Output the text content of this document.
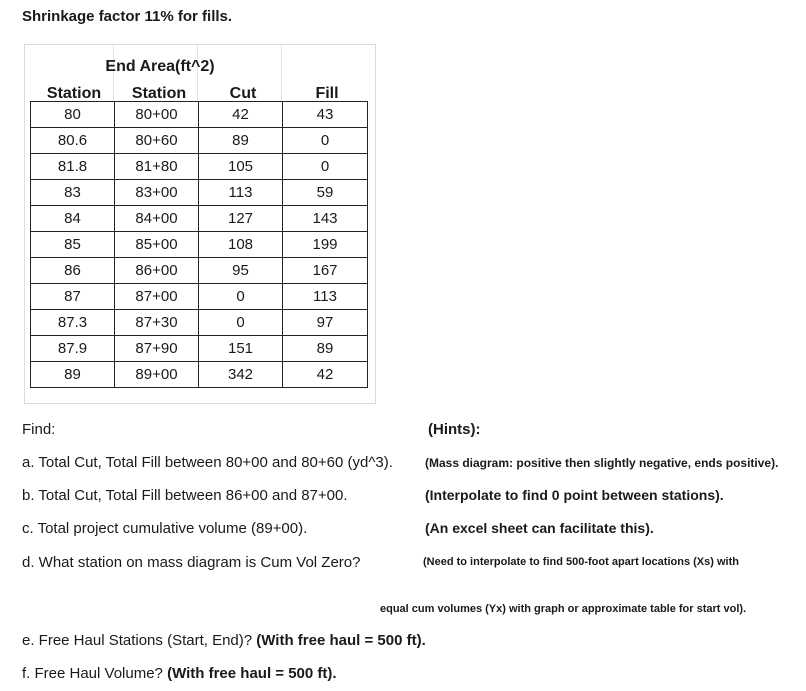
Shrinkage factor 11% for fills.
End Area(ft^2)
Station	Station	Cut	Fill
80	80+00	42	43
80.6	80+60	89	0
81.8	81+80	105	0
83	83+00	113	59
84	84+00	127	143
85	85+00	108	199
86	86+00	95	167
87	87+00	0	113
87.3	87+30	0	97
87.9	87+90	151	89
89	89+00	342	42
Find:	(Hints):
a. Total Cut, Total Fill between 80+00 and 80+60 (yd^3).	(Mass diagram: positive then slightly negative, ends positive).
b. Total Cut, Total Fill between 86+00 and 87+00.	(Interpolate to find 0 point between stations).
c. Total project cumulative volume (89+00).	(An excel sheet can facilitate this).
d. What station on mass diagram is Cum Vol Zero?	(Need to interpolate to find 500-foot apart locations (Xs) with
equal cum volumes (Yx) with graph or approximate table for start vol).
e. Free Haul Stations (Start, End)? (With free haul = 500 ft).
f. Free Haul Volume? (With free haul = 500 ft).
